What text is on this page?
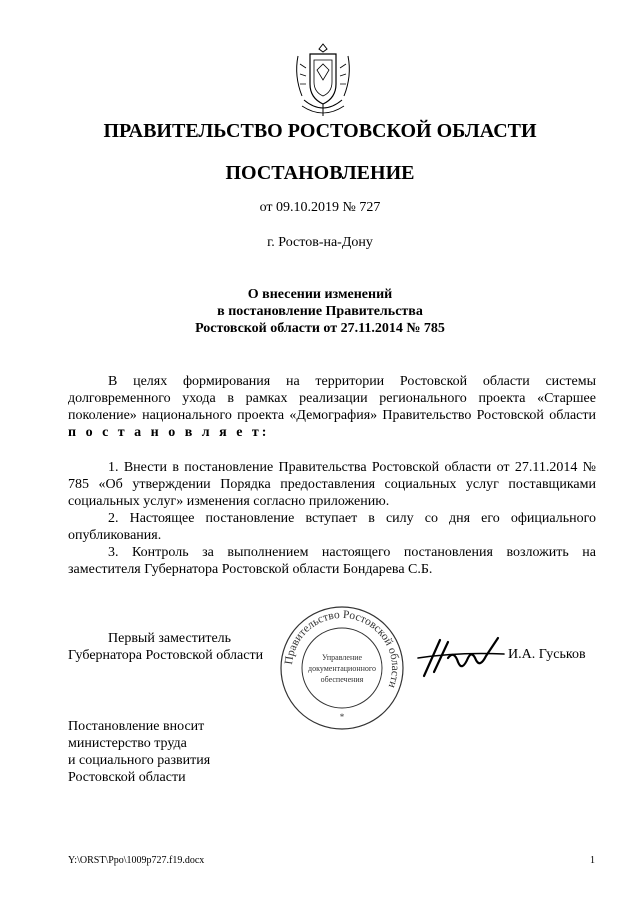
ПРАВИТЕЛЬСТВО РОСТОВСКОЙ ОБЛАСТИ
ПОСТАНОВЛЕНИЕ
от 09.10.2019 № 727
г. Ростов-на-Дону
О внесении изменений
в постановление Правительства
Ростовской области от 27.11.2014 № 785
В целях формирования на территории Ростовской области системы долговременного ухода в рамках реализации регионального проекта «Старшее поколение» национального проекта «Демография» Правительство Ростовской области п о с т а н о в л я е т:
1. Внести в постановление Правительства Ростовской области от 27.11.2014 № 785 «Об утверждении Порядка предоставления социальных услуг поставщиками социальных услуг» изменения согласно приложению.
2. Настоящее постановление вступает в силу со дня его официального опубликования.
3. Контроль за выполнением настоящего постановления возложить на заместителя Губернатора Ростовской области Бондарева С.Б.
Первый заместитель
Губернатора Ростовской области Правительство Ростовской области
Управление
документационного
обеспечения
*
И.А. Гуськов
Постановление вносит
министерство труда
и социального развития
Ростовской области
Y:\ORST\Ppo\1009p727.f19.docx	1
